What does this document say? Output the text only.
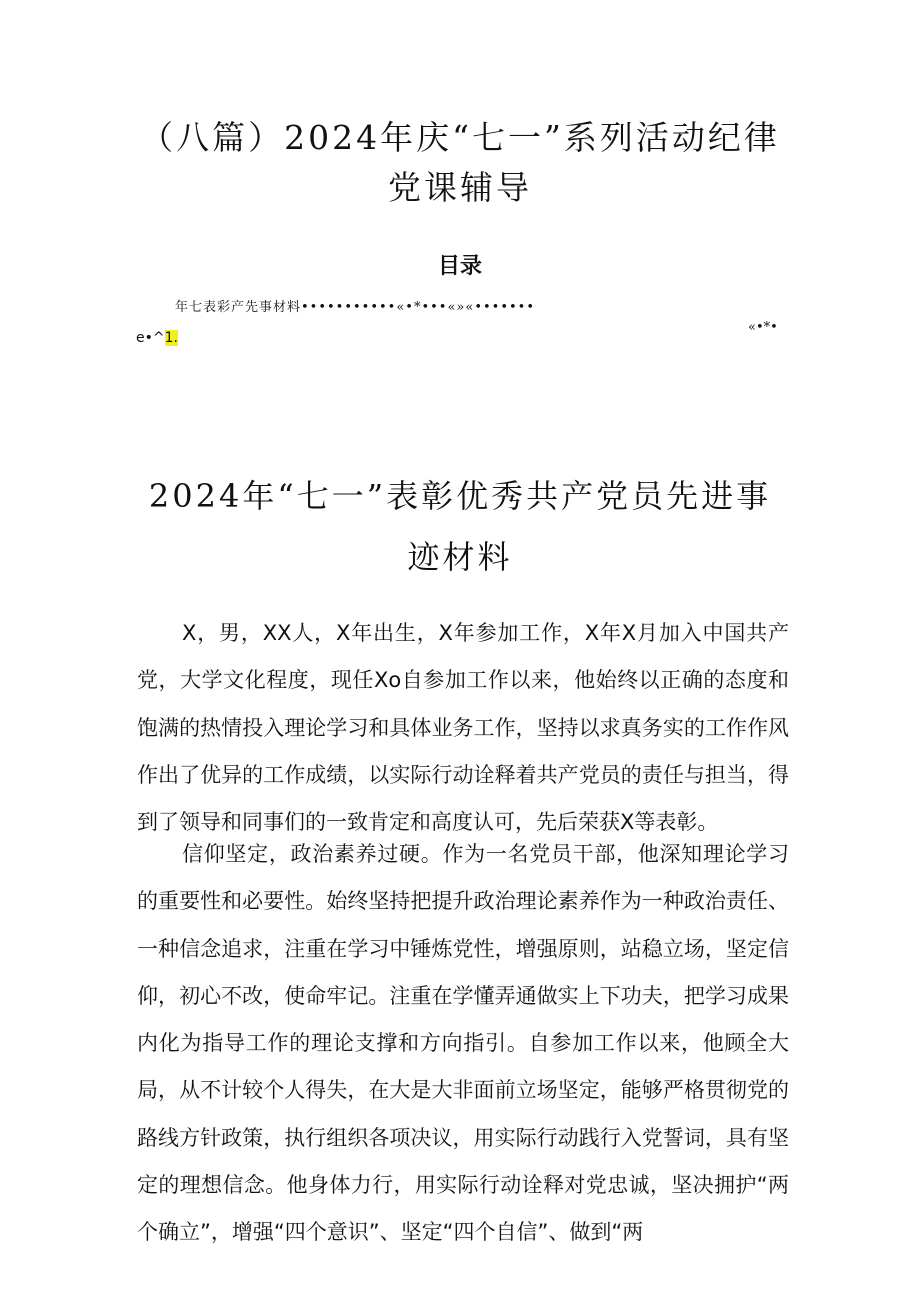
（八篇）2024年庆“七一”系列活动纪律
党课辅导
目录
年七表彩产先事材料•••••••••••«•*•••«»«•••••••
«•*•
e•^1.
2024年“七一”表彰优秀共产党员先进事
迹材料

X，男，XX人，X年出生，X年参加工作，X年X月加入中国共产党，大学文化程度，现任Xo自参加工作以来，他始终以正确的态度和饱满的热情投入理论学习和具体业务工作，坚持以求真务实的工作作风作出了优异的工作成绩，以实际行动诠释着共产党员的责任与担当，得到了领导和同事们的一致肯定和高度认可，先后荣获X等表彰。

信仰坚定，政治素养过硬。作为一名党员干部，他深知理论学习的重要性和必要性。始终坚持把提升政治理论素养作为一种政治责任、一种信念追求，注重在学习中锤炼党性，增强原则，站稳立场，坚定信仰，初心不改，使命牢记。注重在学懂弄通做实上下功夫，把学习成果内化为指导工作的理论支撑和方向指引。自参加工作以来，他顾全大局，从不计较个人得失，在大是大非面前立场坚定，能够严格贯彻党的路线方针政策，执行组织各项决议，用实际行动践行入党誓词，具有坚定的理想信念。他身体力行，用实际行动诠释对党忠诚，坚决拥护“两个确立”，增强“四个意识”、坚定“四个自信”、做到“两
